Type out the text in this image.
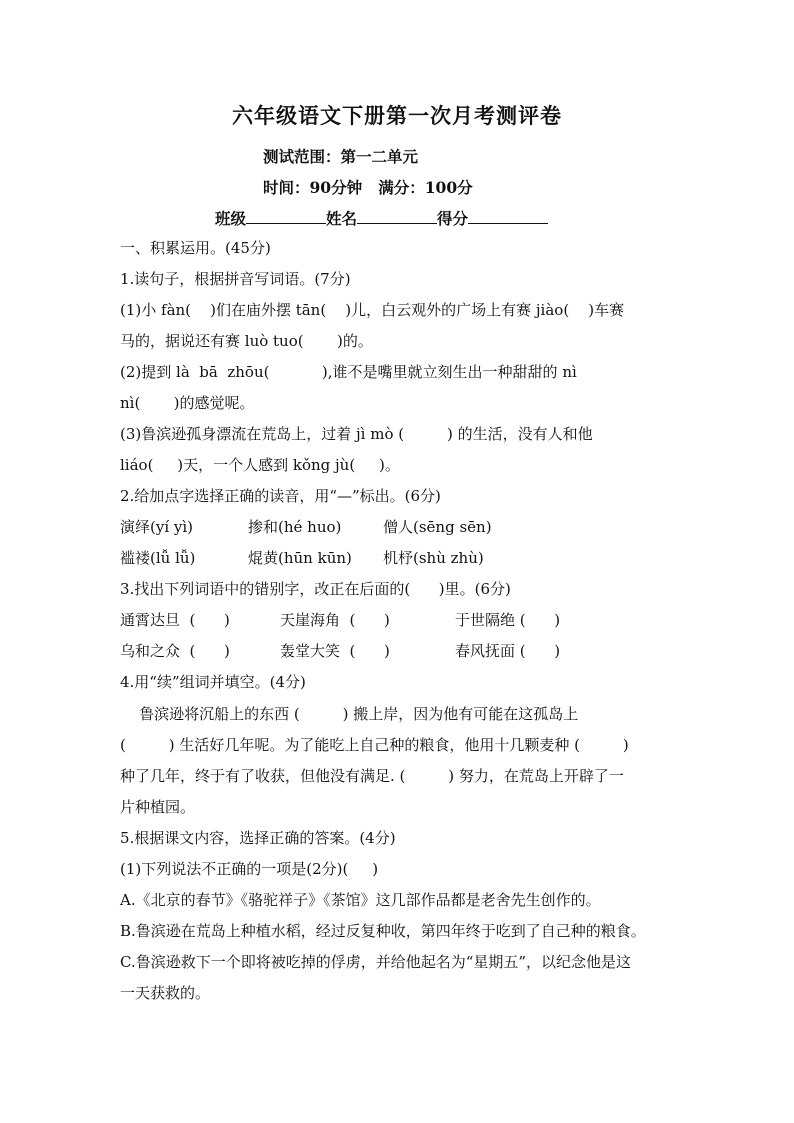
六年级语文下册第一次月考测评卷
测试范围：第一二单元
时间：90分钟   满分：100分
班级	姓名	得分
一、积累运用。(45分)
1.读句子，根据拼音写词语。(7分)
(1)小 fàn(    )们在庙外摆 tān(    )儿，白云观外的广场上有赛 jiào(    )车赛
马的，据说还有赛 luò tuo(       )的。
(2)提到 là  bā  zhōu(           ),谁不是嘴里就立刻生出一种甜甜的 nì
nì(       )的感觉呢。
(3)鲁滨逊孤身漂流在荒岛上，过着 jì mò (         ) 的生活，没有人和他
liáo(     )天，一个人感到 kǒng jù(     )。
2.给加点字选择正确的读音，用“—”标出。(6分)
演绎(yí yì)	掺和(hé huo)	僧人(sēng sēn)
褴褛(lǚ lǚ)	焜黄(hūn kūn) 机杼(shù zhù)
3.找出下列词语中的错别字，改正在后面的(      )里。(6分)
通霄达旦  (      )	天崖海角  (      )	于世隔绝 (      )
乌和之众  (      )	轰堂大笑  (      )	春风抚面 (      )
4.用“续”组词并填空。(4分)
鲁滨逊将沉船上的东西 (         ) 搬上岸，因为他有可能在这孤岛上
(         ) 生活好几年呢。为了能吃上自己种的粮食，他用十几颗麦种 (         )
种了几年，终于有了收获，但他没有满足. (         ) 努力，在荒岛上开辟了一
片种植园。
5.根据课文内容，选择正确的答案。(4分)
(1)下列说法不正确的一项是(2分)(     )
A.《北京的春节》《骆驼祥子》《茶馆》这几部作品都是老舍先生创作的。
B.鲁滨逊在荒岛上种植水稻，经过反复种收，第四年终于吃到了自己种的粮食。
C.鲁滨逊救下一个即将被吃掉的俘虏，并给他起名为“星期五”，以纪念他是这
一天获救的。
